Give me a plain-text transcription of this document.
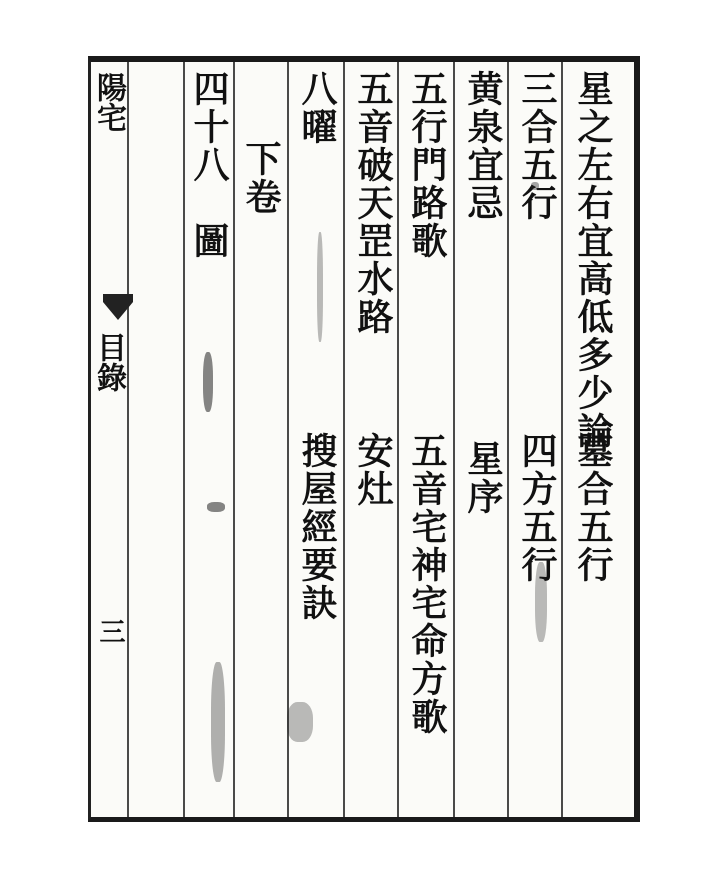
陽宅
目錄
三
星之左右宜高低多少論
墓合五行
三合五行
四方五行
黄泉宜忌
星序
五行門路歌
五音宅神宅命方歌
五音破天罡水路
安灶
八曜
搜屋經要訣
下卷
四十八　圖
